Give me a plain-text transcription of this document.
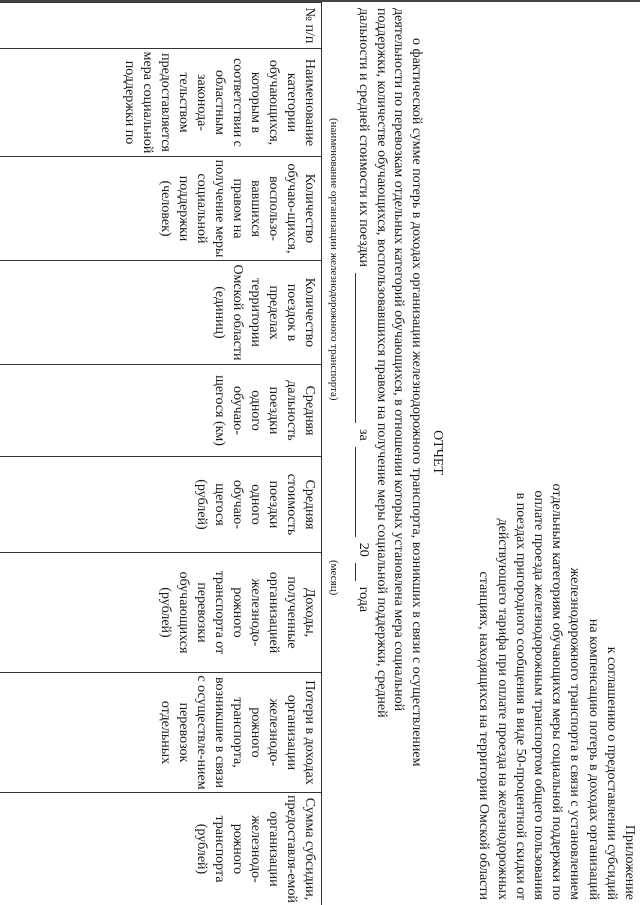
Приложение
к соглашению о предоставлении субсидий
на компенсацию потерь в доходах организаций
железнодорожного транспорта в связи с установлением
отдельным категориям обучающихся меры социальной поддержки по
оплате проезда железнодорожным транспортом общего пользования
в поездах пригородного сообщения в виде 50-процентной скидки от
действующего тарифа при оплате проезда на железнодорожных
станциях, находящихся на территории Омской области
ОТЧЕТ
о фактической сумме потерь в доходах организации железнодорожного транспорта, возникших в связи с осуществлением
деятельности по перевозкам отдельных категорий обучающихся, в отношении которых установлена мера социальной
поддержки, количестве обучающихся, воспользовавшихся правом на получение меры социальной поддержки, средней
дальности и средней стоимости их поездки
за
20
года
(наименование организации железнодорожного транспорта)
(месяц)
№ п/п	Наименование категории обучающихся, которым в соответствии с областным законода-тельством предоставляется мера социальной поддержки по	Количество обучаю-щихся, воспользо-вавшихся правом на получение меры социальной поддержки (человек)	Количество поездок в пределах территории Омской области (единиц)	Средняя дальность поездки одного обучаю-щегося (км)	Средняя стоимость поездки одного обучаю-щегося (рублей)	Доходы, полученные организацией железнодо-рожного транспорта от перевозки обучающихся (рублей)	Потери в доходах организации железнодо-рожного транспорта, возникшие в связи с осуществле-нием перевозок отдельных	Сумма субсидии, предоставля-емой организации железнодо-рожного транспорта (рублей)
